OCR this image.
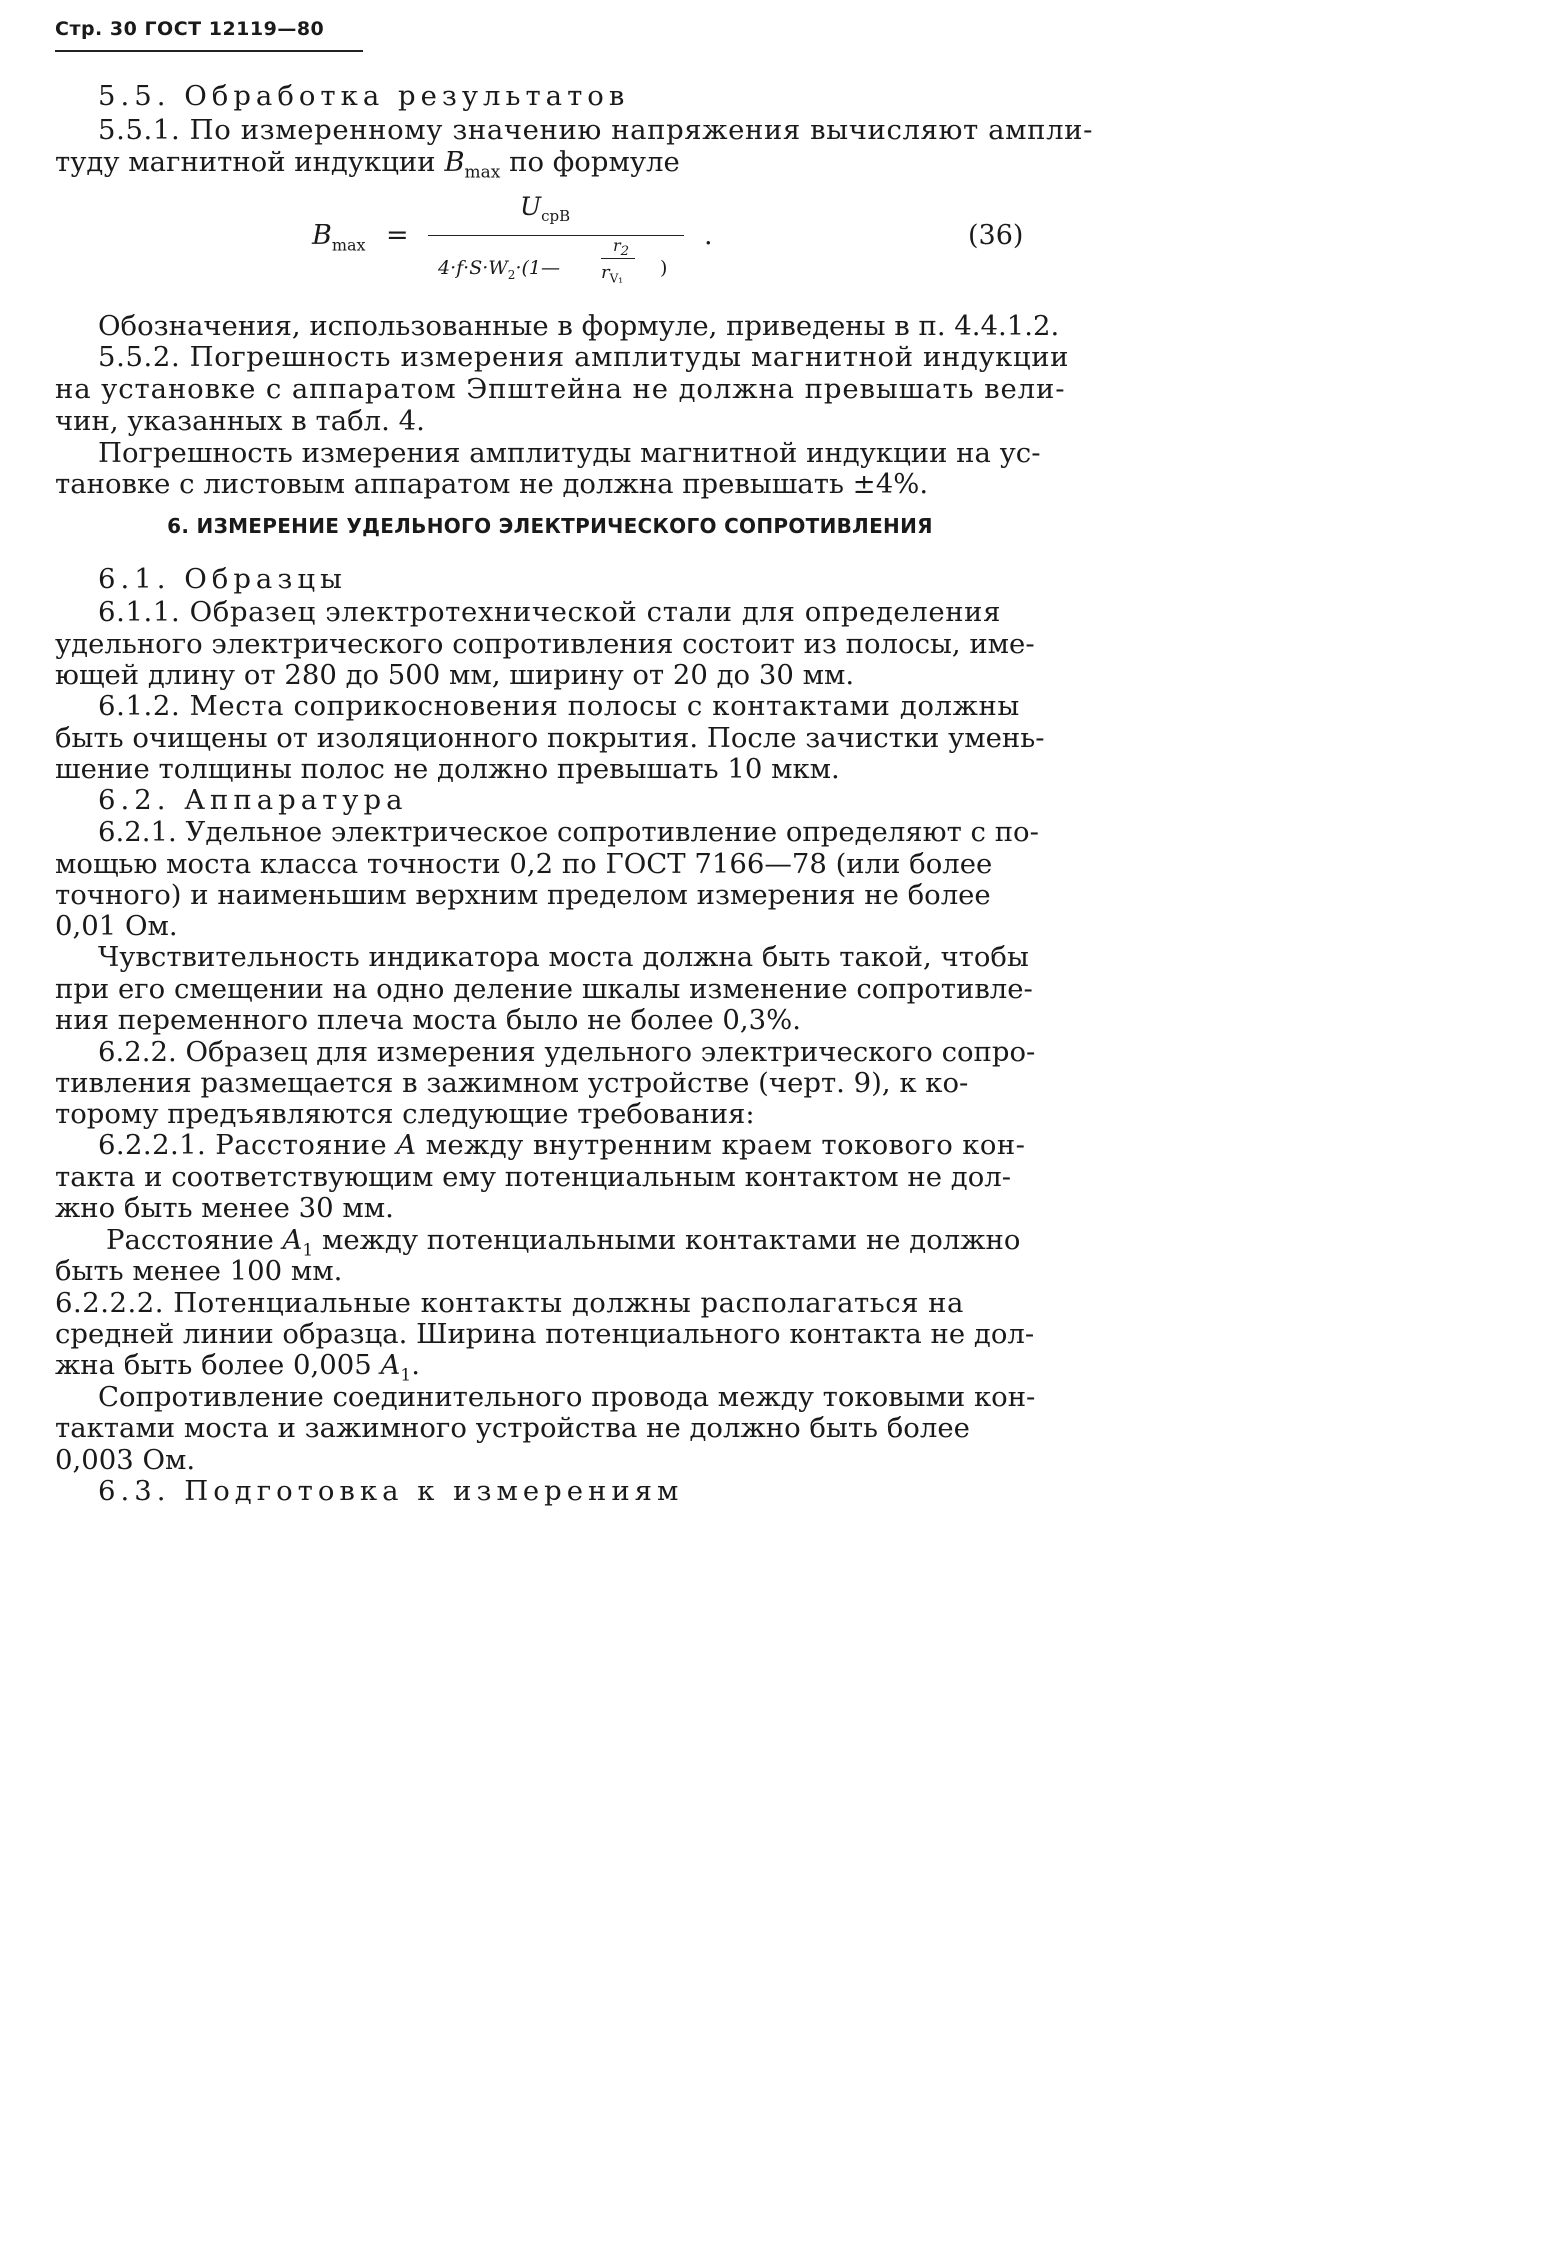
Стр. 30 ГОСТ 12119—80
5.5. Обработка результатов
5.5.1. По измеренному значению напряжения вычисляют ампли-
туду магнитной индукции $B_{max}$ по формуле
$B_{max}$ =
$U_{срB}$
$4\cdot f\cdot S\cdot W_2\cdot(1—$
$r_2$
$r_{V_1}$ )
.	(36)
Обозначения, использованные в формуле, приведены в п. 4.4.1.2.
5.5.2. Погрешность измерения амплитуды магнитной индукции
на установке с аппаратом Эпштейна не должна превышать вели-
чин, указанных в табл. 4.
Погрешность измерения амплитуды магнитной индукции на ус-
тановке с листовым аппаратом не должна превышать ±4%.
6. ИЗМЕРЕНИЕ УДЕЛЬНОГО ЭЛЕКТРИЧЕСКОГО СОПРОТИВЛЕНИЯ
6.1. Образцы
6.1.1. Образец электротехнической стали для определения
удельного электрического сопротивления состоит из полосы, име-
ющей длину от 280 до 500 мм, ширину от 20 до 30 мм.
6.1.2. Места соприкосновения полосы с контактами должны
быть очищены от изоляционного покрытия. После зачистки умень-
шение толщины полос не должно превышать 10 мкм.
6.2. Аппаратура
6.2.1. Удельное электрическое сопротивление определяют с по-
мощью моста класса точности 0,2 по ГОСТ 7166—78 (или более
точного) и наименьшим верхним пределом измерения не более
0,01 Ом.
Чувствительность индикатора моста должна быть такой, чтобы
при его смещении на одно деление шкалы изменение сопротивле-
ния переменного плеча моста было не более 0,3%.
6.2.2. Образец для измерения удельного электрического сопро-
тивления размещается в зажимном устройстве (черт. 9), к ко-
торому предъявляются следующие требования:
6.2.2.1. Расстояние A между внутренним краем токового кон-
такта и соответствующим ему потенциальным контактом не дол-
жно быть менее 30 мм.
Расстояние $A_1$ между потенциальными контактами не должно
быть менее 100 мм.
6.2.2.2. Потенциальные контакты должны располагаться на
средней линии образца. Ширина потенциального контакта не дол-
жна быть более 0,005 $A_1$.
Сопротивление соединительного провода между токовыми кон-
тактами моста и зажимного устройства не должно быть более
0,003 Ом.
6.3. Подготовка к измерениям
